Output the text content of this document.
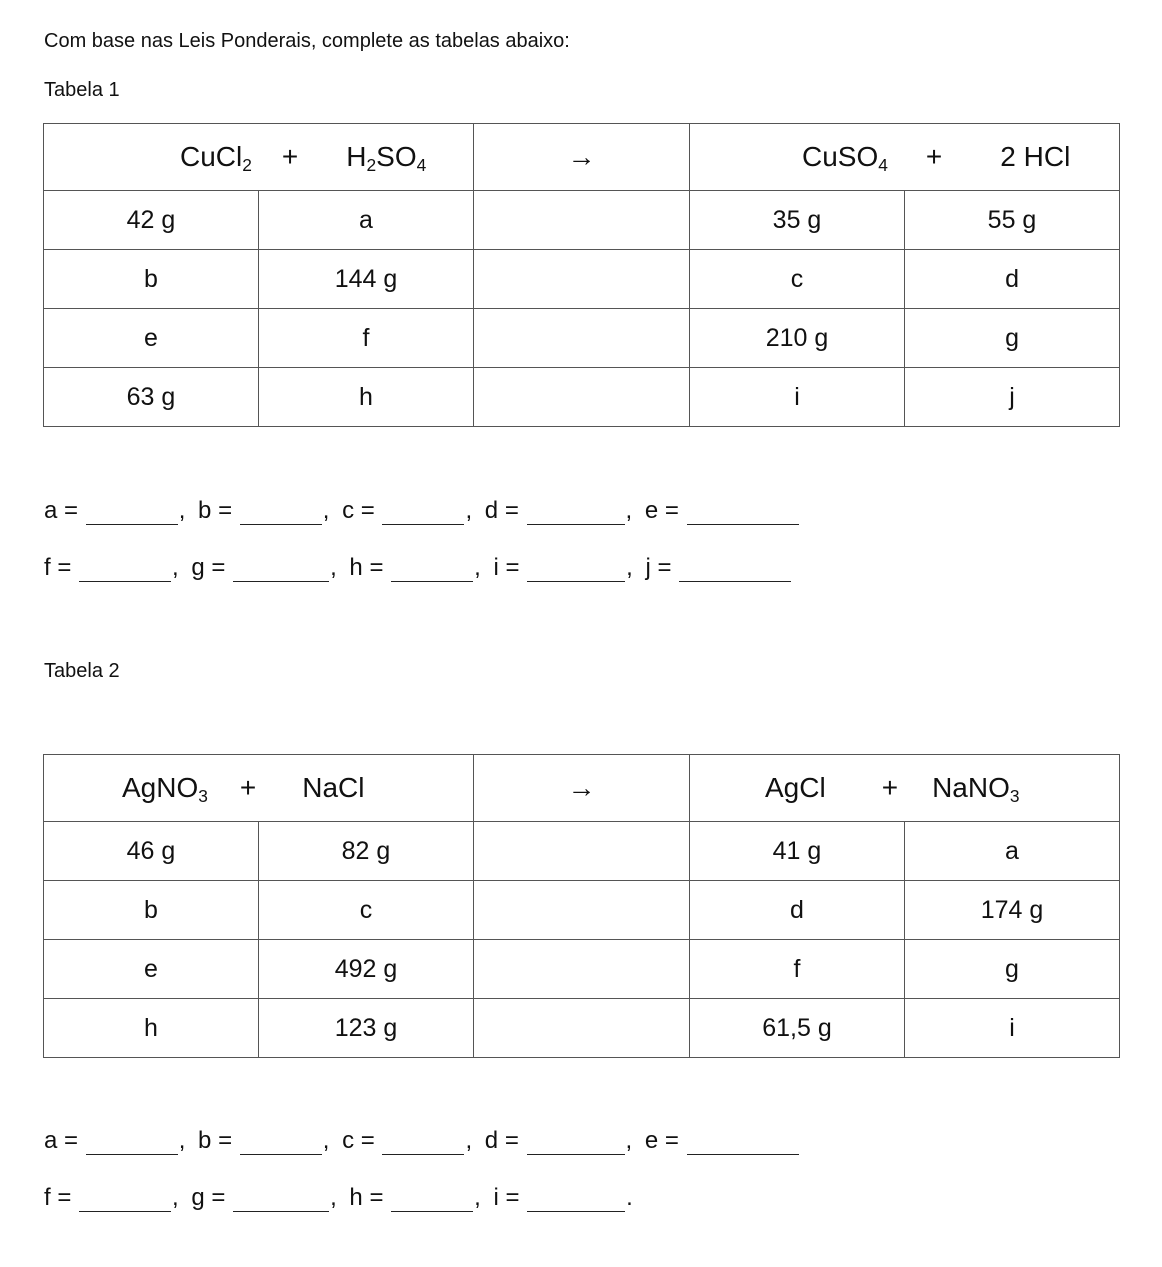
Com base nas Leis Ponderais, complete as tabelas abaixo:
Tabela 1
CuCl$_2$ + $H_2SO_4$		→	CuSO$_4$ + 2 HCl	

42 g	a		35 g	55 g
b	144 g		c	d
e	f		210 g	g
63 g	h		i	j
a =	, b =	, c =	, d =	, e =
f =	, g =	, h =	, i =	, j =
Tabela 2
AgNO$_3$ + NaCl		→	AgCl + NaNO$_3$

46 g	82 g		41 g	a
b	c		d	174 g
e	492 g		f	g
h	123 g		61,5 g	i
a =	, b =	, c =	, d =	, e =
f =	, g =	, h =	, i =	.
